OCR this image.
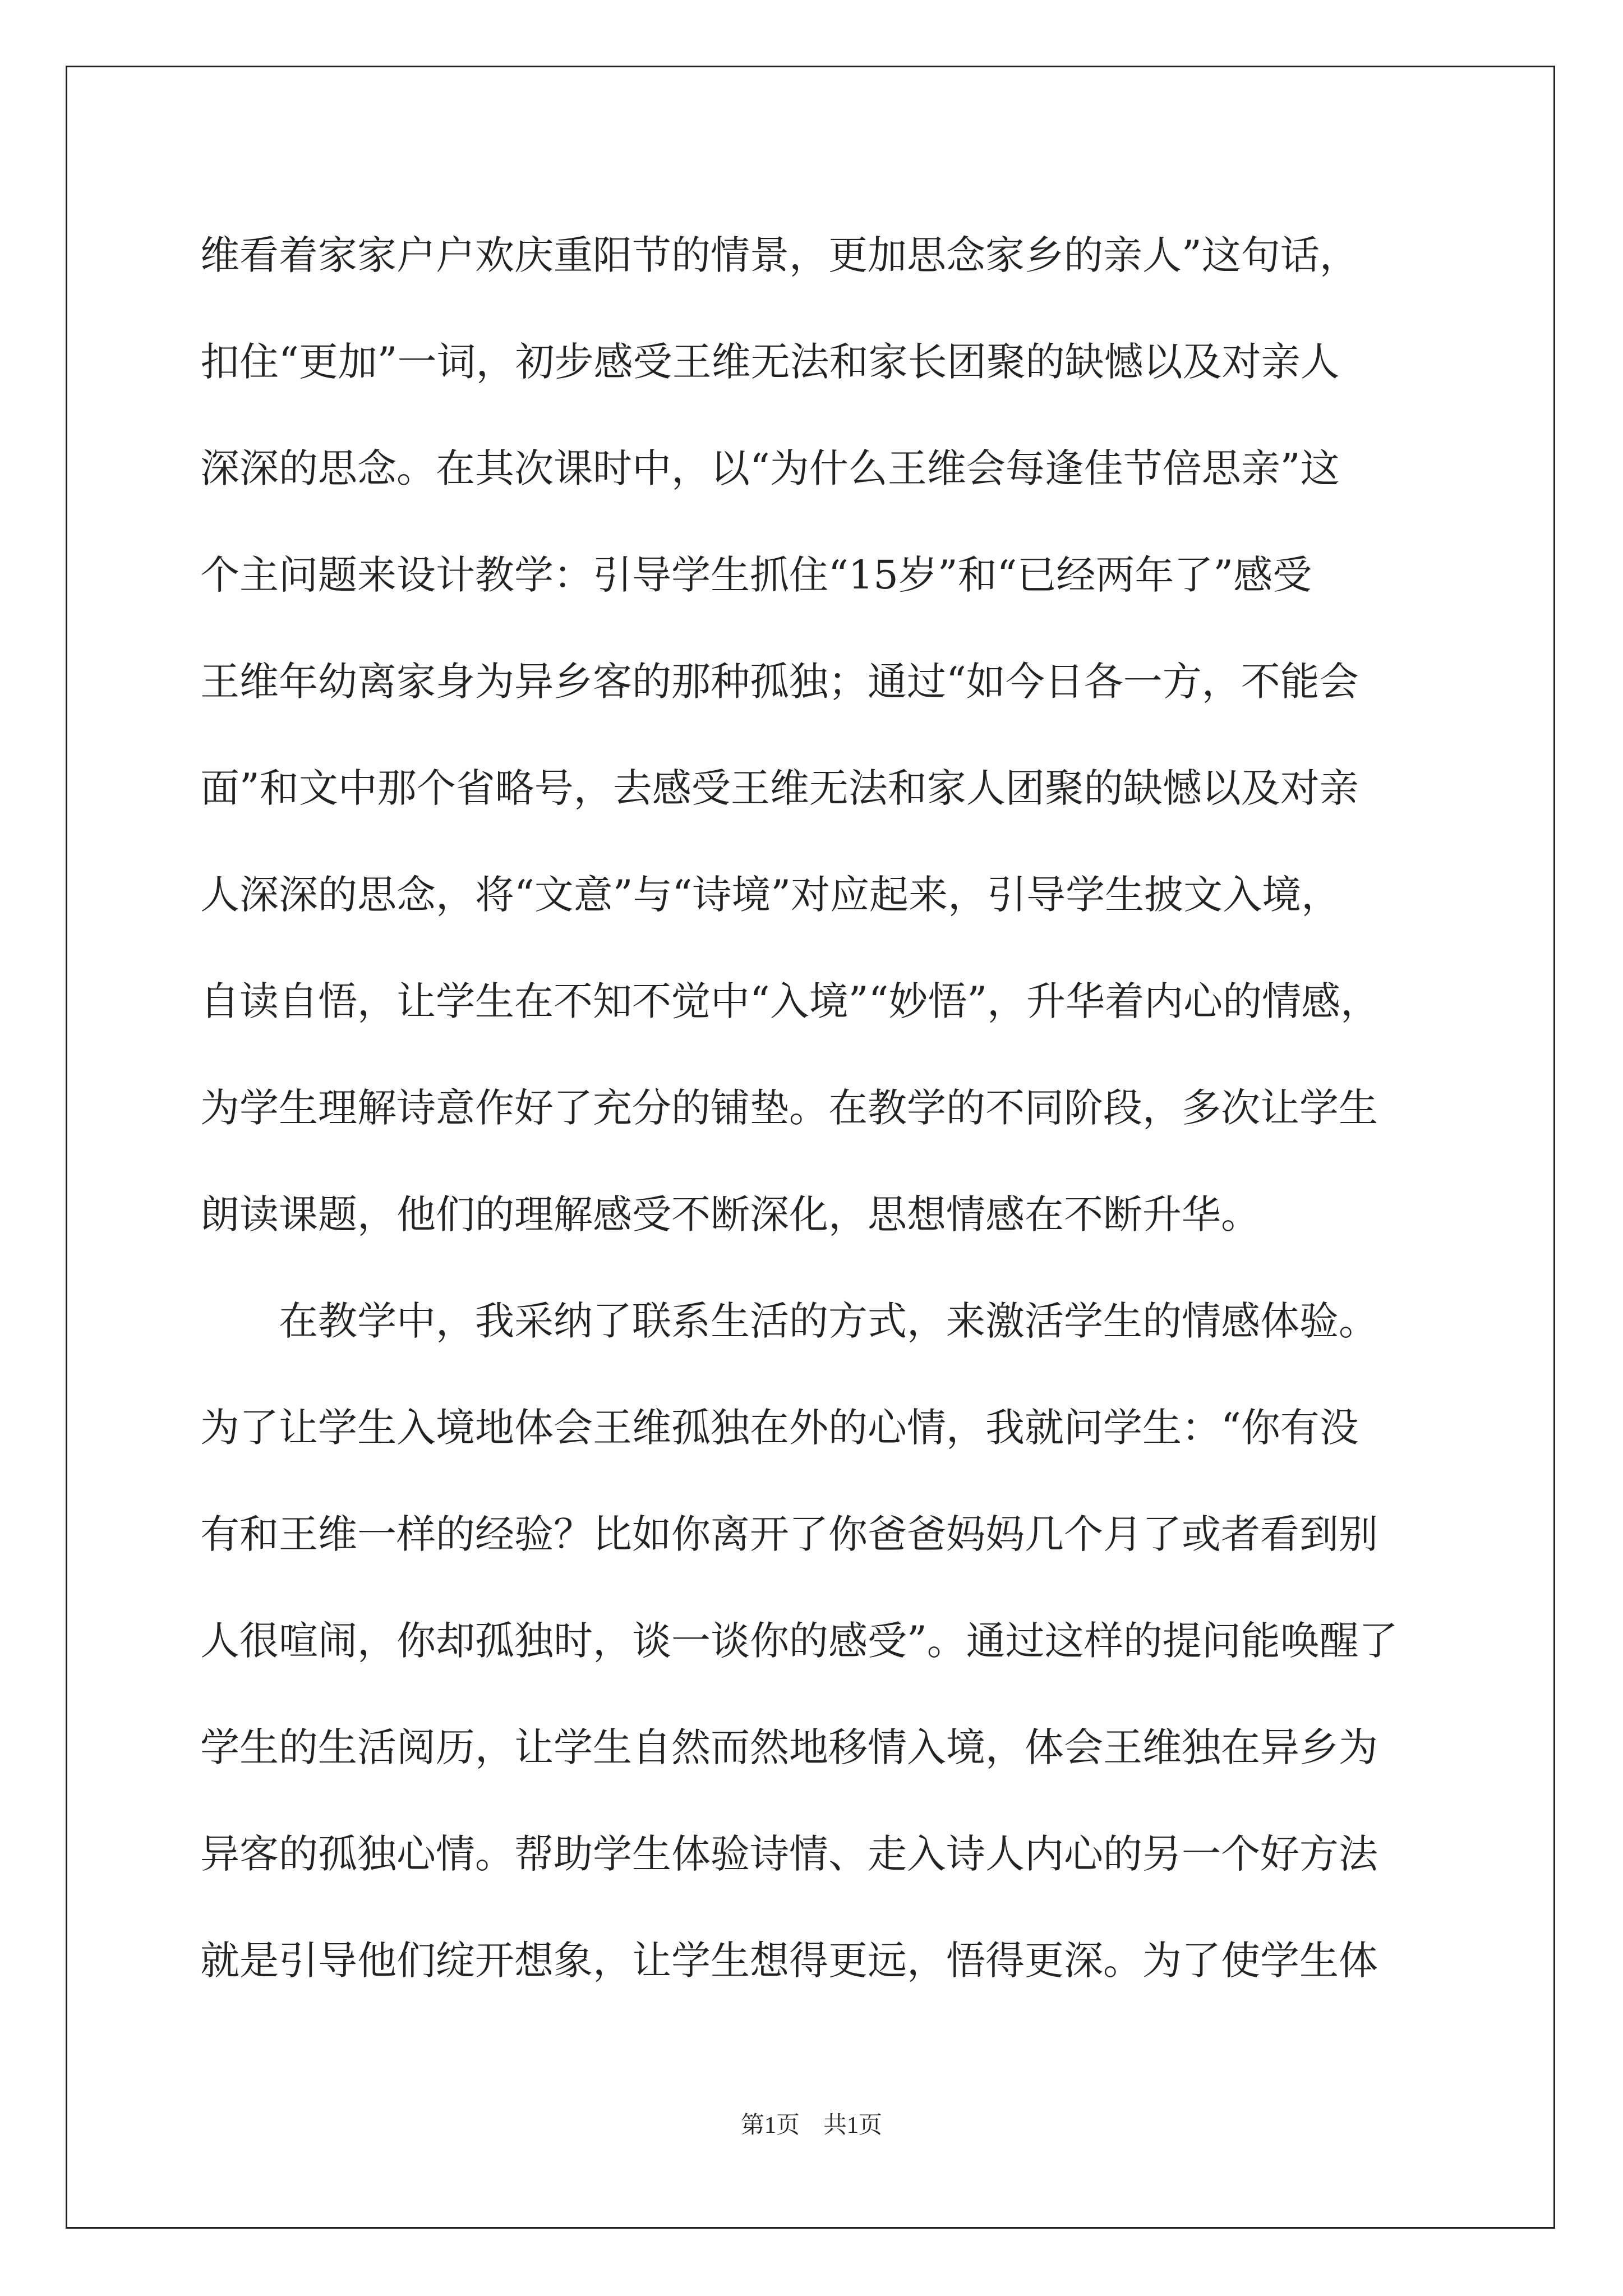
维看着家家户户欢庆重阳节的情景，更加思念家乡的亲人”这句话，
扣住“更加”一词，初步感受王维无法和家长团聚的缺憾以及对亲人
深深的思念。在其次课时中，以“为什么王维会每逢佳节倍思亲”这
个主问题来设计教学：引导学生抓住“15岁”和“已经两年了”感受
王维年幼离家身为异乡客的那种孤独；通过“如今日各一方，不能会
面”和文中那个省略号，去感受王维无法和家人团聚的缺憾以及对亲
人深深的思念，将“文意”与“诗境”对应起来，引导学生披文入境，
自读自悟，让学生在不知不觉中“入境”“妙悟”，升华着内心的情感，
为学生理解诗意作好了充分的铺垫。在教学的不同阶段，多次让学生
朗读课题，他们的理解感受不断深化，思想情感在不断升华。
在教学中，我采纳了联系生活的方式，来激活学生的情感体验。
为了让学生入境地体会王维孤独在外的心情，我就问学生：“你有没
有和王维一样的经验？比如你离开了你爸爸妈妈几个月了或者看到别
人很喧闹，你却孤独时，谈一谈你的感受”。通过这样的提问能唤醒了
学生的生活阅历，让学生自然而然地移情入境，体会王维独在异乡为
异客的孤独心情。帮助学生体验诗情、走入诗人内心的另一个好方法
就是引导他们绽开想象，让学生想得更远，悟得更深。为了使学生体
第1页　共1页
